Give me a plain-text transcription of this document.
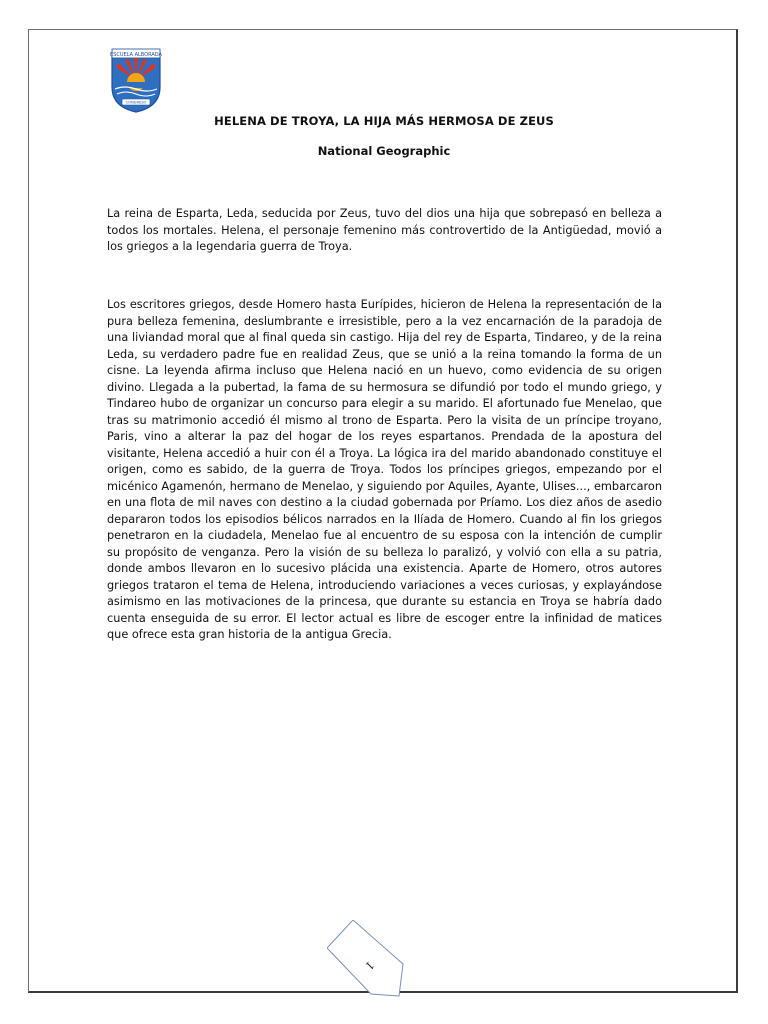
ESCUELA ALBORADA
CONGRESO
HELENA DE TROYA, LA HIJA MÁS HERMOSA DE ZEUS
National Geographic

La reina de Esparta, Leda, seducida por Zeus, tuvo del dios una hija que sobrepasó en belleza a todos los mortales. Helena, el personaje femenino más controvertido de la Antigüedad, movió a los griegos a la legendaria guerra de Troya.

Los escritores griegos, desde Homero hasta Eurípides, hicieron de Helena la representación de la pura belleza femenina, deslumbrante e irresistible, pero a la vez encarnación de la paradoja de una liviandad moral que al final queda sin castigo. Hija del rey de Esparta, Tindareo, y de la reina Leda, su verdadero padre fue en realidad Zeus, que se unió a la reina tomando la forma de un cisne. La leyenda afirma incluso que Helena nació en un huevo, como evidencia de su origen divino. Llegada a la pubertad, la fama de su hermosura se difundió por todo el mundo griego, y Tindareo hubo de organizar un concurso para elegir a su marido. El afortunado fue Menelao, que tras su matrimonio accedió él mismo al trono de Esparta. Pero la visita de un príncipe troyano, Paris, vino a alterar la paz del hogar de los reyes espartanos. Prendada de la apostura del visitante, Helena accedió a huir con él a Troya. La lógica ira del marido abandonado constituye el origen, como es sabido, de la guerra de Troya. Todos los príncipes griegos, empezando por el micénico Agamenón, hermano de Menelao, y siguiendo por Aquiles, Ayante, Ulises..., embarcaron en una flota de mil naves con destino a la ciudad gobernada por Príamo. Los diez años de asedio depararon todos los episodios bélicos narrados en la Ilíada de Homero. Cuando al fin los griegos penetraron en la ciudadela, Menelao fue al encuentro de su esposa con la intención de cumplir su propósito de venganza. Pero la visión de su belleza lo paralizó, y volvió con ella a su patria, donde ambos llevaron en lo sucesivo plácida una existencia. Aparte de Homero, otros autores griegos trataron el tema de Helena, introduciendo variaciones a veces curiosas, y explayándose asimismo en las motivaciones de la princesa, que durante su estancia en Troya se habría dado cuenta enseguida de su error. El lector actual es libre de escoger entre la infinidad de matices que ofrece esta gran historia de la antigua Grecia.

1
